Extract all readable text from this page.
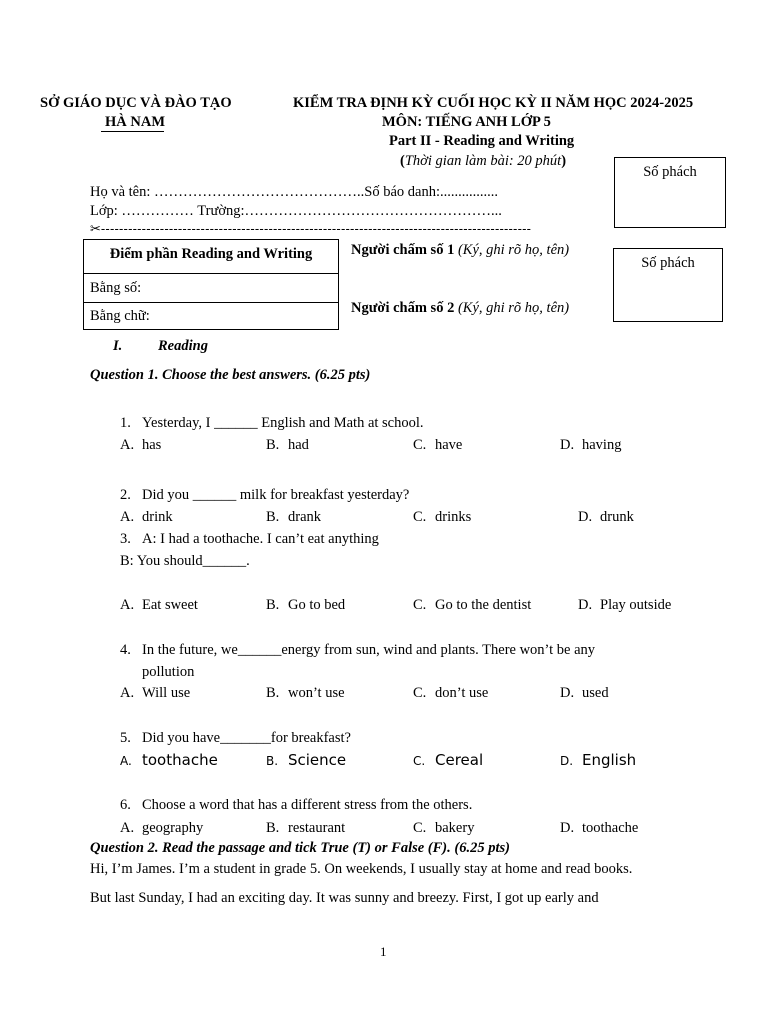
SỞ GIÁO DỤC VÀ ĐÀO TẠO
HÀ NAM
KIỂM TRA ĐỊNH KỲ CUỐI HỌC KỲ II NĂM HỌC 2024-2025
MÔN: TIẾNG ANH LỚP 5
Part II - Reading and Writing
(Thời gian làm bài: 20 phút)
Số phách
Họ và tên: ……………………………………..Số báo danh:................
Lớp: …………… Trường:……………………………………………...
✂-----------------------------------------------------------------------------------------------
Điểm phần Reading and Writing
Bằng số:
Bằng chữ:
Người chấm số 1 (Ký, ghi rõ họ, tên)
Người chấm số 2 (Ký, ghi rõ họ, tên)
Số phách
I. Reading
Question 1. Choose the best answers. (6.25 pts)
1. Yesterday, I ______ English and Math at school.
A. has	B. had	C. have	D. having
2. Did you ______ milk for breakfast yesterday?
A. drink	B. drank	C. drinks	D. drunk
3. A: I had a toothache. I can’t eat anything
B: You should______.
A. Eat sweet	B. Go to bed	C. Go to the dentist	D. Play outside
4. In the future, we______energy from sun, wind and plants. There won’t be any
pollution
A. Will use	B. won’t use	C. don’t use	D. used
5. Did you have_______for breakfast?
A. toothache	B. Science	C. Cereal	D. English
6. Choose a word that has a different stress from the others.
A. geography	B. restaurant	C. bakery	D. toothache
Question 2. Read the passage and tick True (T) or False (F). (6.25 pts)
Hi, I’m James. I’m a student in grade 5. On weekends, I usually stay at home and read books.
But last Sunday, I had an exciting day. It was sunny and breezy. First, I got up early and
1
